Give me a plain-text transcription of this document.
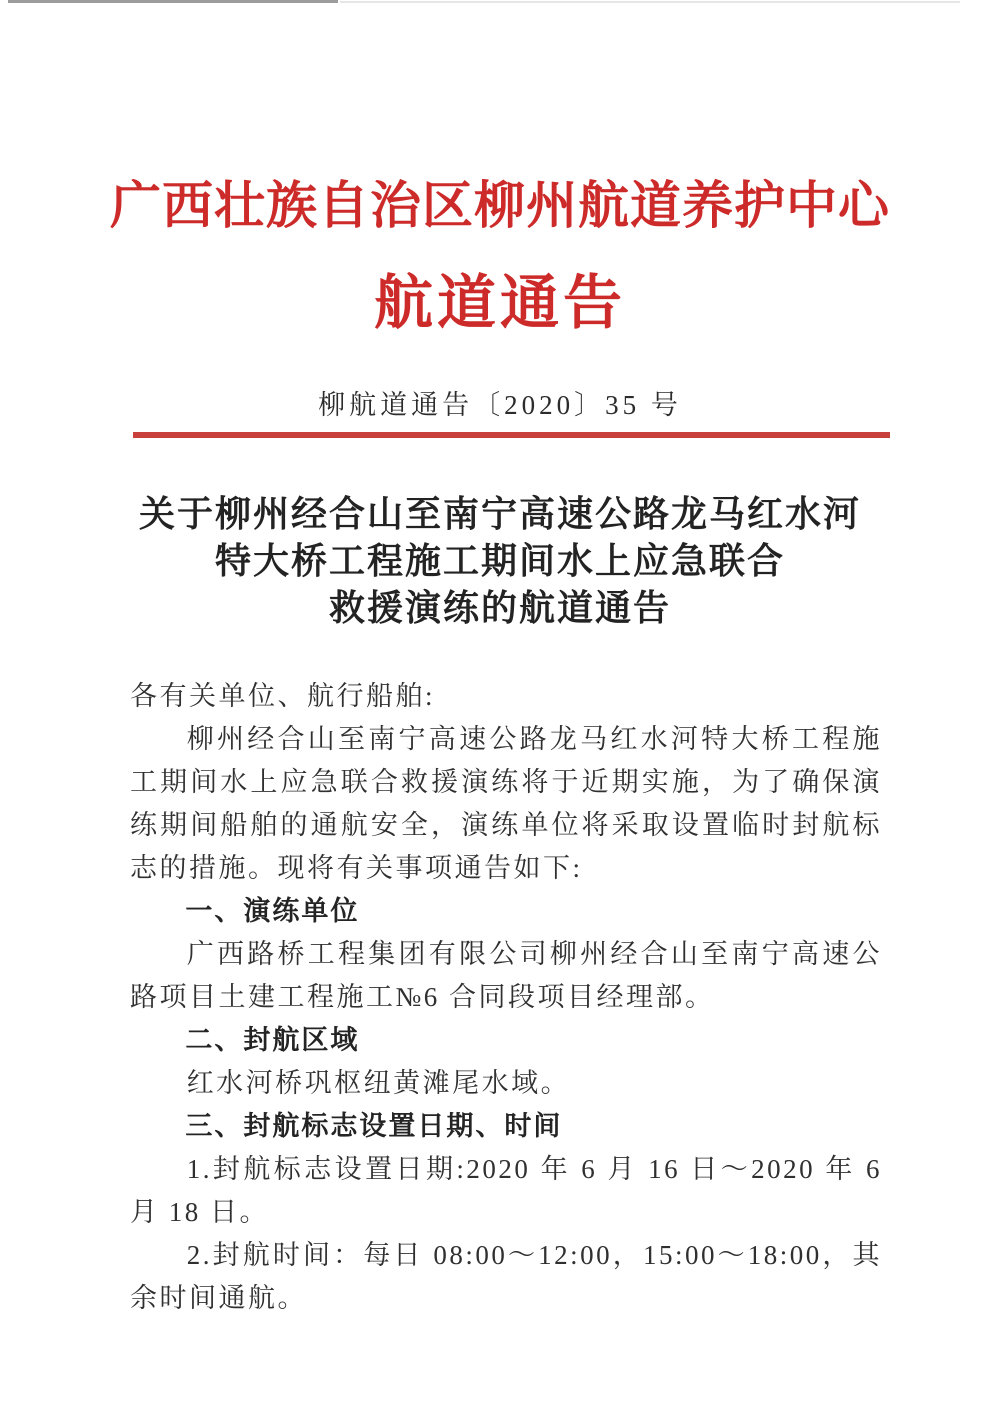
广西壮族自治区柳州航道养护中心
航道通告
柳航道通告〔2020〕35 号
关于柳州经合山至南宁高速公路龙马红水河
特大桥工程施工期间水上应急联合
救援演练的航道通告

各有关单位、航行船舶:

柳州经合山至南宁高速公路龙马红水河特大桥工程施工期间水上应急联合救援演练将于近期实施，为了确保演练期间船舶的通航安全，演练单位将采取设置临时封航标志的措施。现将有关事项通告如下:

一、演练单位

广西路桥工程集团有限公司柳州经合山至南宁高速公路项目土建工程施工№6 合同段项目经理部。

二、封航区域

红水河桥巩枢纽黄滩尾水域。

三、封航标志设置日期、时间

1.封航标志设置日期:2020 年 6 月 16 日～2020 年 6 月 18 日。

2.封航时间：每日 08:00～12:00，15:00～18:00，其余时间通航。
